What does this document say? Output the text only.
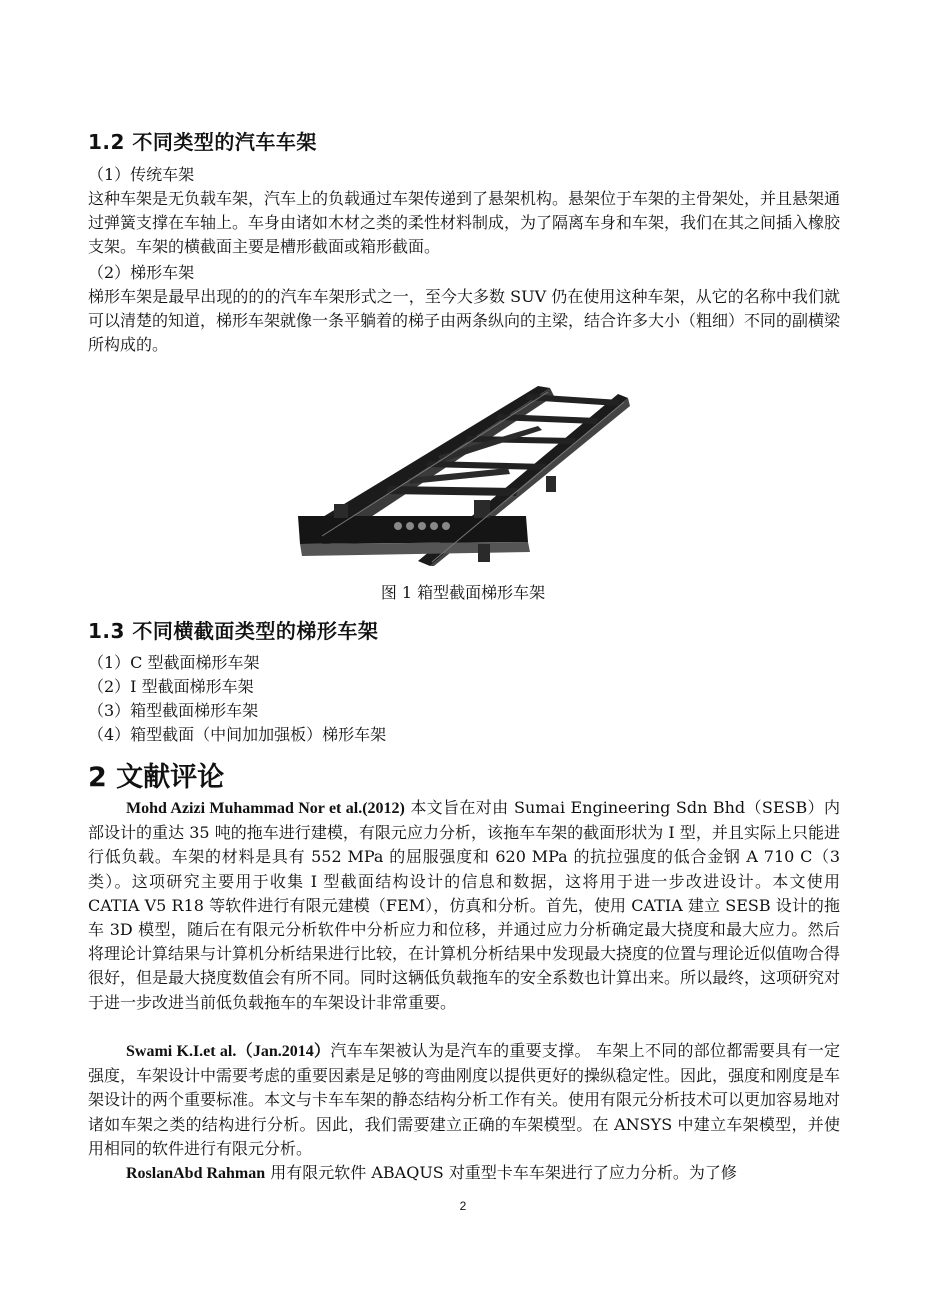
1.2 不同类型的汽车车架

（1）传统车架

这种车架是无负载车架，汽车上的负载通过车架传递到了悬架机构。悬架位于车架的主骨架处，并且悬架通过弹簧支撑在车轴上。车身由诸如木材之类的柔性材料制成，为了隔离车身和车架，我们在其之间插入橡胶支架。车架的横截面主要是槽形截面或箱形截面。

（2）梯形车架

梯形车架是最早出现的的的汽车车架形式之一，至今大多数 SUV 仍在使用这种车架，从它的名称中我们就可以清楚的知道，梯形车架就像一条平躺着的梯子由两条纵向的主梁，结合许多大小（粗细）不同的副横梁所构成的。

图 1 箱型截面梯形车架
1.3 不同横截面类型的梯形车架

（1）C 型截面梯形车架

（2）I 型截面梯形车架

（3）箱型截面梯形车架

（4）箱型截面（中间加加强板）梯形车架

2 文献评论

Mohd Azizi Muhammad Nor et al.(2012) 本文旨在对由 Sumai Engineering Sdn Bhd（SESB）内部设计的重达 35 吨的拖车进行建模，有限元应力分析，该拖车车架的截面形状为 I 型，并且实际上只能进行低负载。车架的材料是具有 552 MPa 的屈服强度和 620 MPa 的抗拉强度的低合金钢 A 710 C（3 类）。这项研究主要用于收集 I 型截面结构设计的信息和数据，这将用于进一步改进设计。本文使用 CATIA V5 R18 等软件进行有限元建模（FEM），仿真和分析。首先，使用 CATIA 建立 SESB 设计的拖车 3D 模型，随后在有限元分析软件中分析应力和位移，并通过应力分析确定最大挠度和最大应力。然后将理论计算结果与计算机分析结果进行比较，在计算机分析结果中发现最大挠度的位置与理论近似值吻合得很好，但是最大挠度数值会有所不同。同时这辆低负载拖车的安全系数也计算出来。所以最终，这项研究对于进一步改进当前低负载拖车的车架设计非常重要。

Swami K.I.et al.（Jan.2014）汽车车架被认为是汽车的重要支撑。 车架上不同的部位都需要具有一定强度，车架设计中需要考虑的重要因素是足够的弯曲刚度以提供更好的操纵稳定性。因此，强度和刚度是车架设计的两个重要标准。本文与卡车车架的静态结构分析工作有关。使用有限元分析技术可以更加容易地对诸如车架之类的结构进行分析。因此，我们需要建立正确的车架模型。在 ANSYS 中建立车架模型，并使用相同的软件进行有限元分析。

RoslanAbd Rahman 用有限元软件 ABAQUS 对重型卡车车架进行了应力分析。为了修

2
